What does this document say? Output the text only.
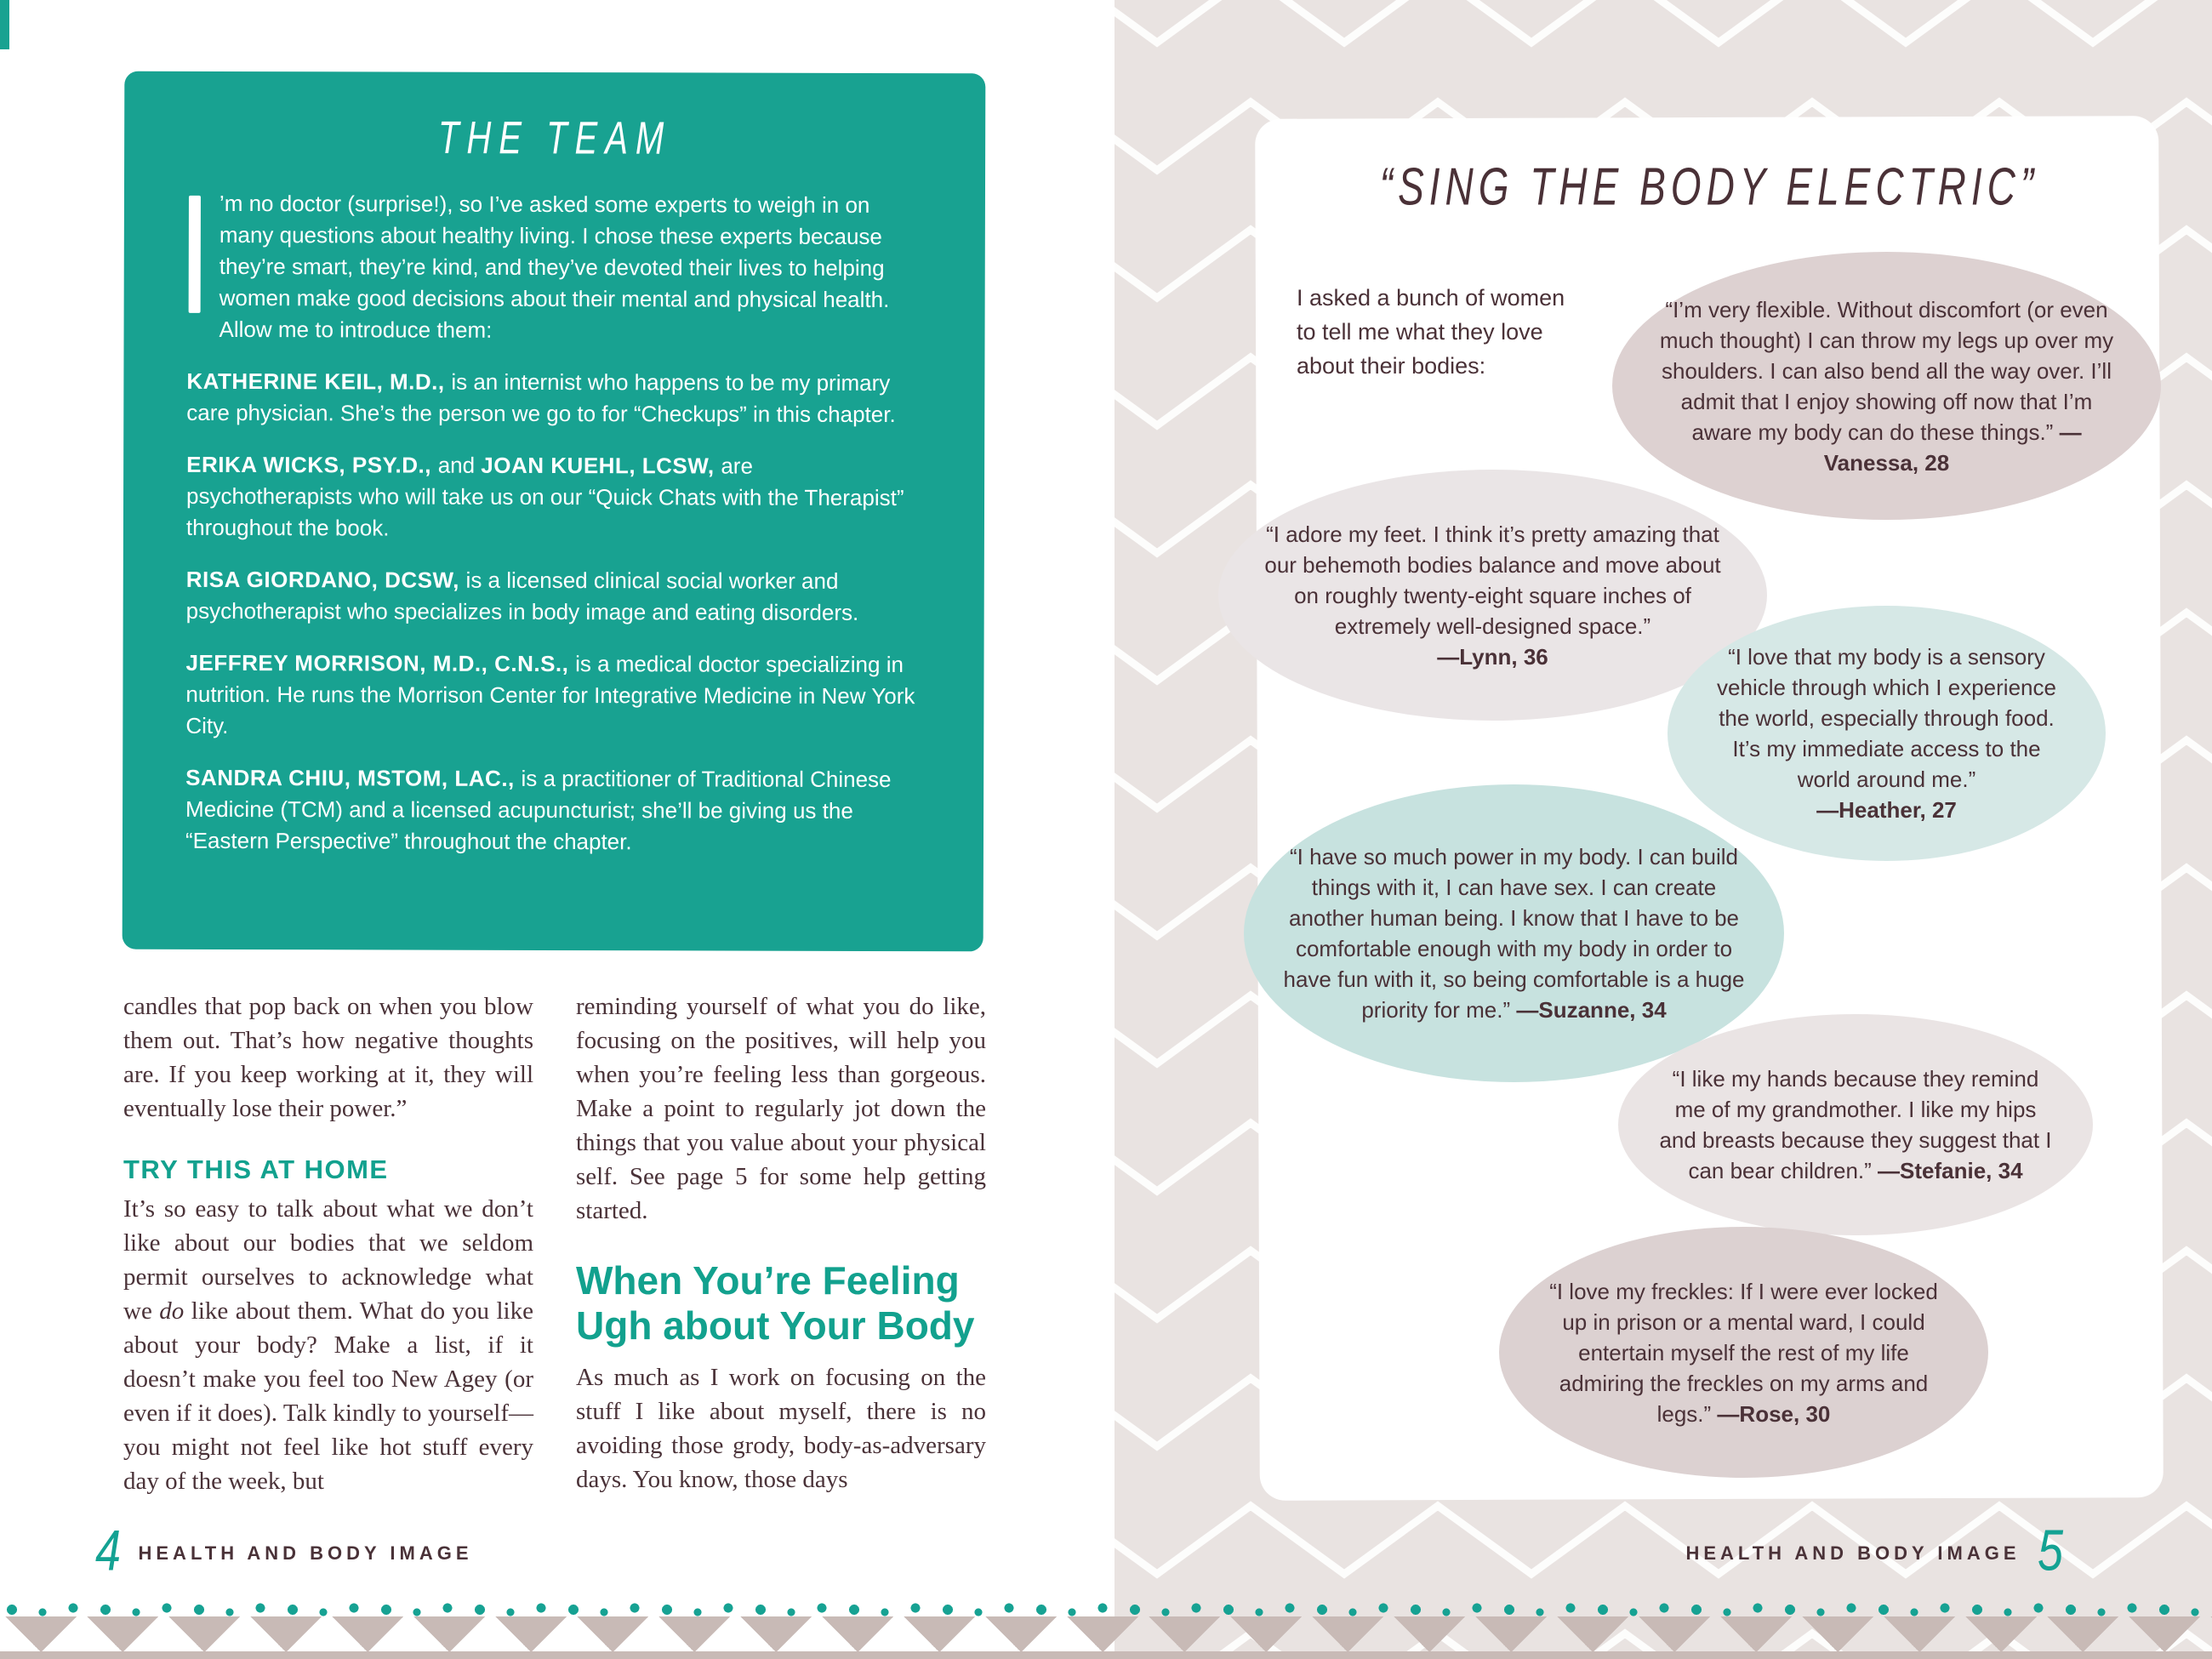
THE TEAM
’m no doctor (surprise!), so I’ve asked some experts to weigh in on many questions about healthy living. I chose these experts because they’re smart, they’re kind, and they’ve devoted their lives to helping women make good decisions about their mental and physical health. Allow me to introduce them:

KATHERINE KEIL, M.D., is an internist who happens to be my primary care physician. She’s the person we go to for “Checkups” in this chapter.

ERIKA WICKS, PSY.D., and JOAN KUEHL, LCSW, are psychotherapists who will take us on our “Quick Chats with the Therapist” throughout the book.

RISA GIORDANO, DCSW, is a licensed clinical social worker and psychotherapist who specializes in body image and eating disorders.

JEFFREY MORRISON, M.D., C.N.S., is a medical doctor specializing in nutrition. He runs the Morrison Center for Integrative Medicine in New York City.

SANDRA CHIU, MSTOM, LAC., is a practitioner of Traditional Chinese Medicine (TCM) and a licensed acupuncturist; she’ll be giving us the “Eastern Perspective” throughout the chapter.

candles that pop back on when you blow them out. That’s how negative thoughts are. If you keep working at it, they will eventually lose their power.”

TRY THIS AT HOME

It’s so easy to talk about what we don’t like about our bodies that we seldom permit ourselves to acknowledge what we do like about them. What do you like about your body? Make a list, if it doesn’t make you feel too New Agey (or even if it does). Talk kindly to yourself—you might not feel like hot stuff every day of the week, but

reminding yourself of what you do like, focusing on the positives, will help you when you’re feeling less than gorgeous. Make a point to regularly jot down the things that you value about your physical self. See page 5 for some help getting started.

When You’re Feeling Ugh about Your Body

As much as I work on focusing on the stuff I like about myself, there is no avoiding those grody, body-as-adversary days. You know, those days

4 HEALTH AND BODY IMAGE
“SING THE BODY ELECTRIC”
I asked a bunch of women to tell me what they love about their bodies:
“I’m very flexible. Without discomfort (or even much thought) I can throw my legs up over my shoulders. I can also bend all the way over. I’ll admit that I enjoy showing off now that I’m aware my body can do these things.” —Vanessa, 28
“I adore my feet. I think it’s pretty amazing that our behemoth bodies balance and move about on roughly twenty-eight square inches of extremely well-designed space.”
—Lynn, 36	“I love that my body is a sensory vehicle through which I experience the world, especially through food. It’s my immediate access to the world around me.”
—Heather, 27
“I have so much power in my body. I can build things with it, I can have sex. I can create another human being. I know that I have to be comfortable enough with my body in order to have fun with it, so being comfortable is a huge priority for me.” —Suzanne, 34
“I like my hands because they remind me of my grandmother. I like my hips and breasts because they suggest that I can bear children.” —Stefanie, 34
“I love my freckles: If I were ever locked up in prison or a mental ward, I could entertain myself the rest of my life admiring the freckles on my arms and legs.” —Rose, 30
HEALTH AND BODY IMAGE 5
